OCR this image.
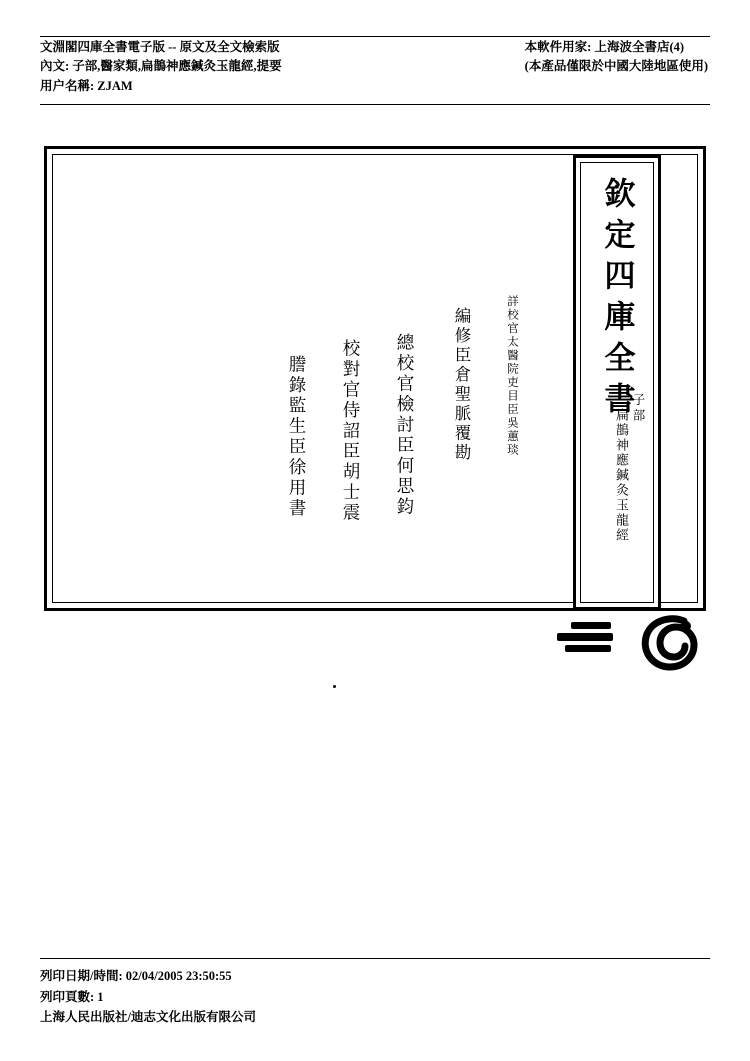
文淵閣四庫全書電子版 -- 原文及全文檢索版
內文: 子部,醫家類,扁鵲神應鍼灸玉龍經,提要
用户名稱: ZJAM
本軟件用家: 上海波全書店(4)
(本產品僅限於中國大陸地區使用)
詳校官太醫院吏目臣吳蕙琰
編修臣倉聖脈覆勘
總校官檢討臣何思鈞
校對官侍詔臣胡士震
謄錄監生臣徐用書
欽定四庫全書
子部
扁鵲神應鍼灸玉龍經
列印日期/時間: 02/04/2005 23:50:55
列印頁數: 1
上海人民出版社/迪志文化出版有限公司
